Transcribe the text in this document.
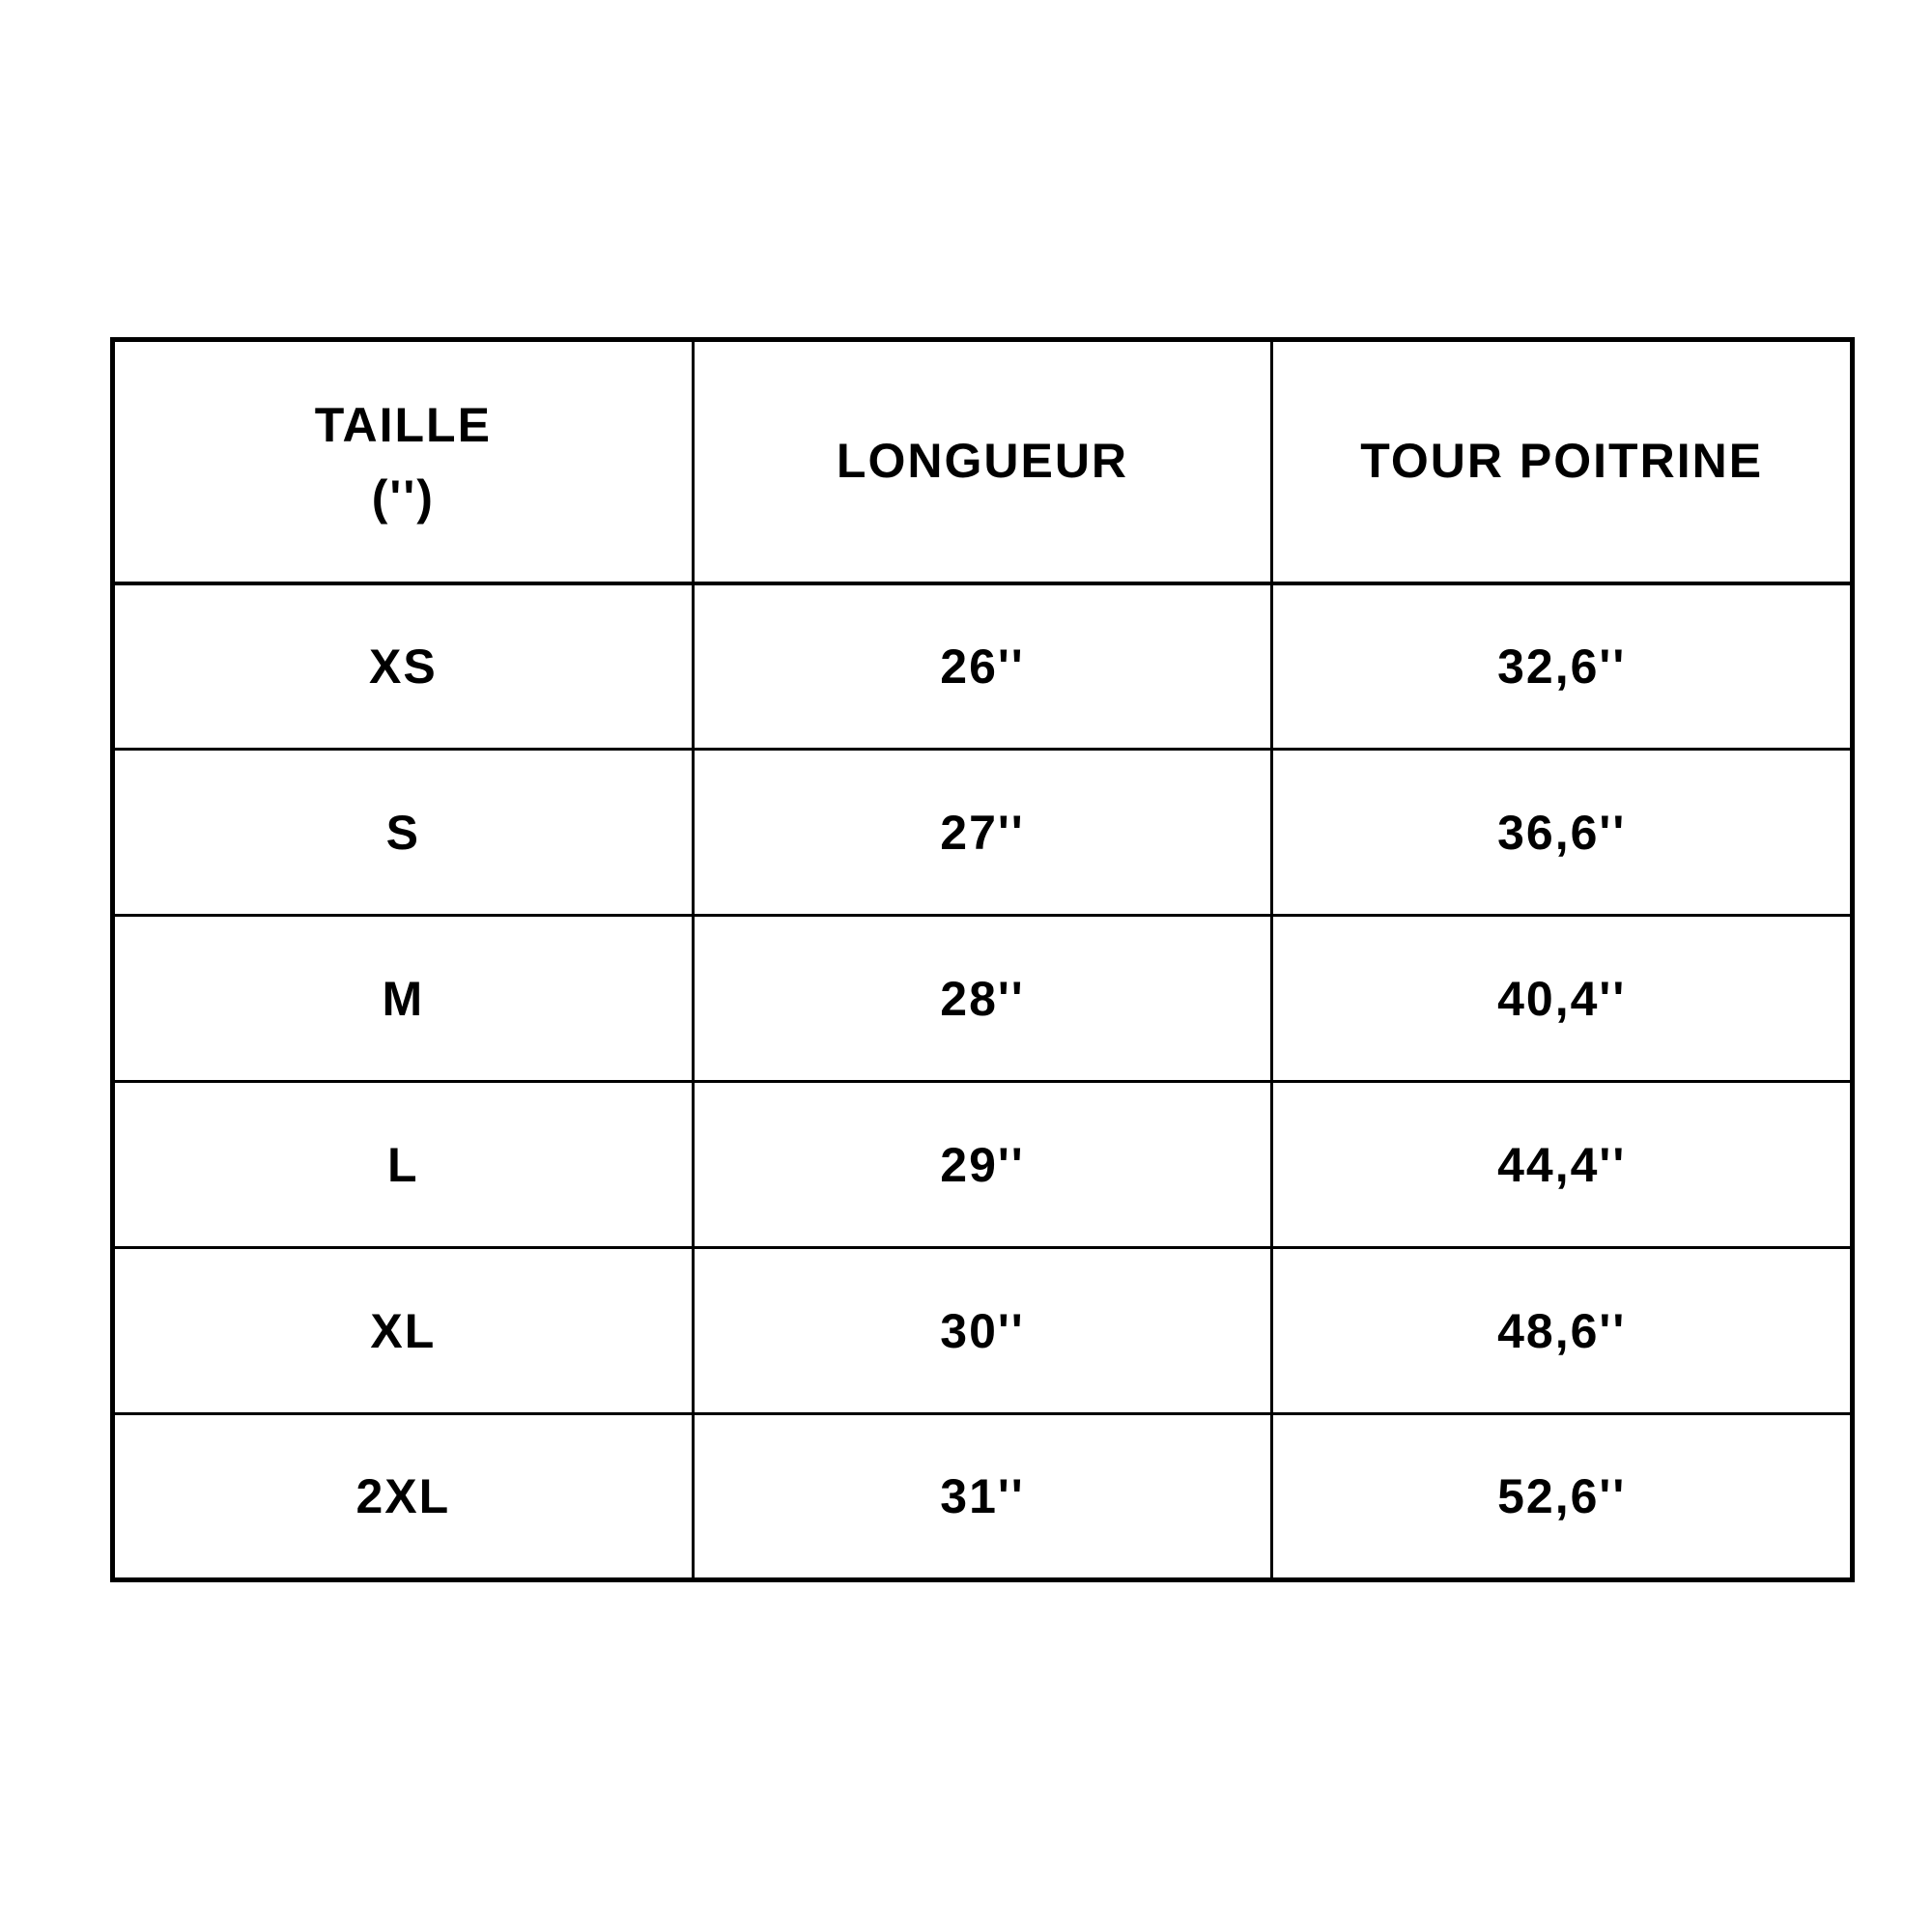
TAILLE
('')	LONGUEUR	TOUR POITRINE

XS	26''	32,6''
S	27''	36,6''
M	28''	40,4''
L	29''	44,4''
XL	30''	48,6''
2XL	31''	52,6''
